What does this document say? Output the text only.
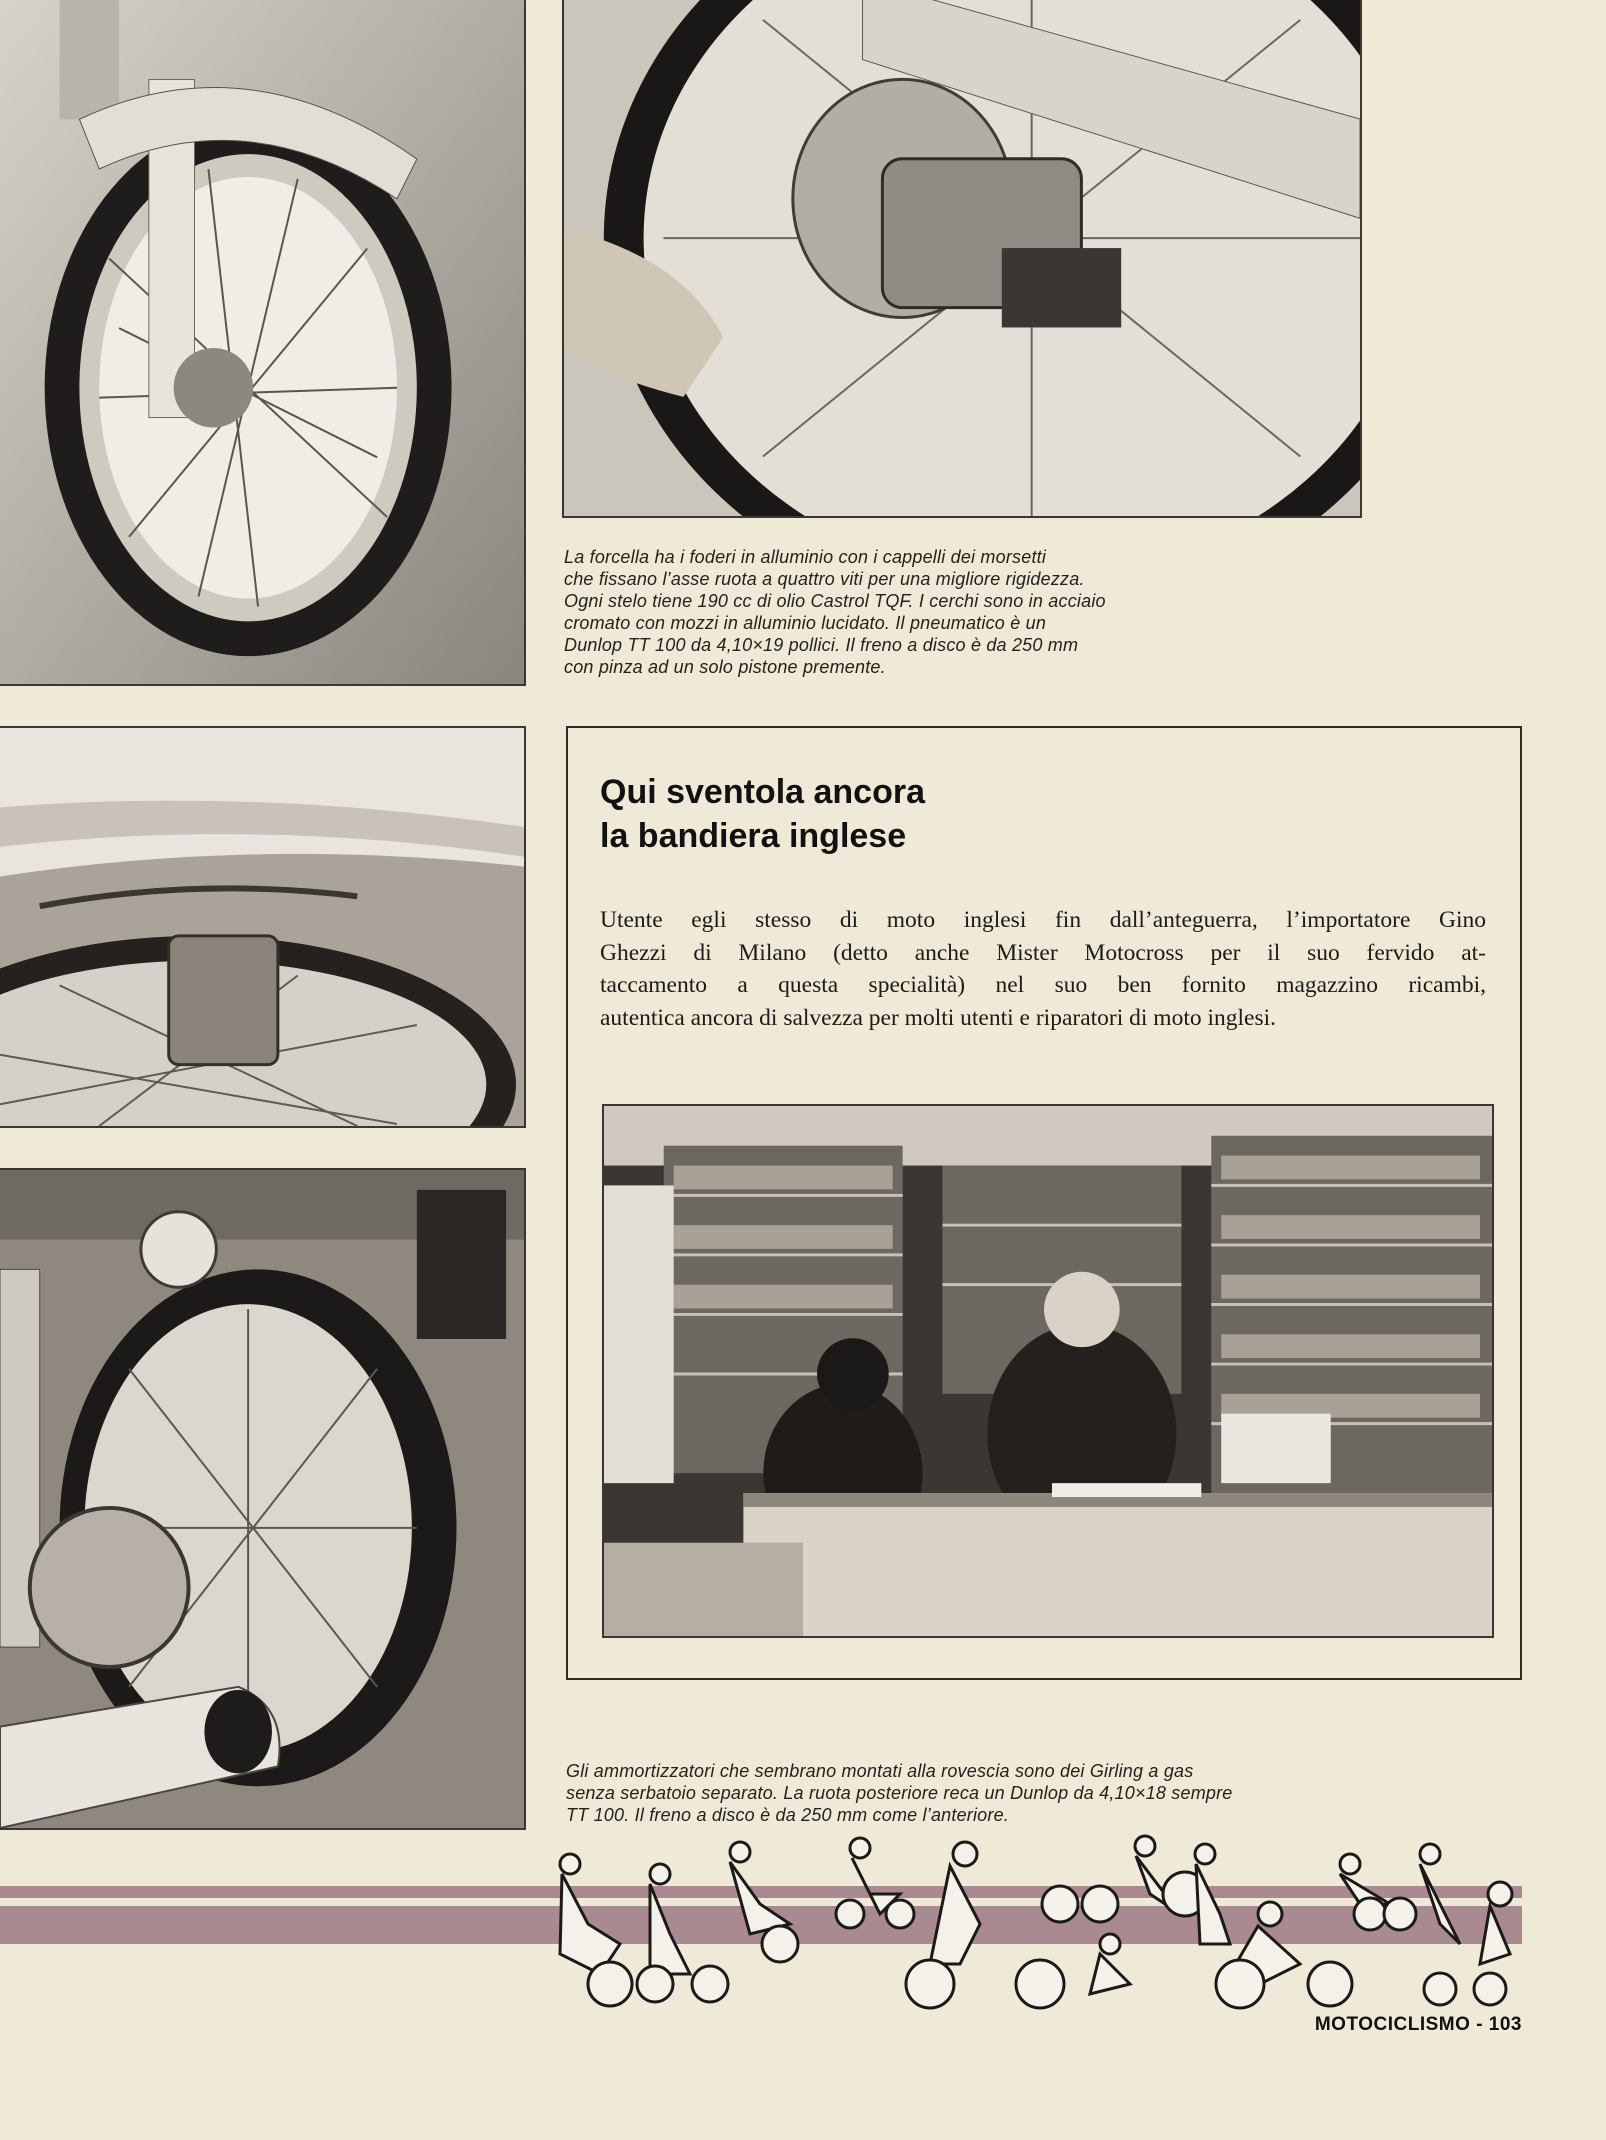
La forcella ha i foderi in alluminio con i cappelli dei morsetti
che fissano l’asse ruota a quattro viti per una migliore rigidezza.
Ogni stelo tiene 190 cc di olio Castrol TQF. I cerchi sono in acciaio
cromato con mozzi in alluminio lucidato. Il pneumatico è un
Dunlop TT 100 da 4,10×19 pollici. Il freno a disco è da 250 mm
con pinza ad un solo pistone premente.
Qui sventola ancora
la bandiera inglese
Utente egli stesso di moto inglesi fin dall’anteguerra, l’importatore Gino
Ghezzi di Milano (detto anche Mister Motocross per il suo fervido at-
taccamento a questa specialità) nel suo ben fornito magazzino ricambi,
autentica ancora di salvezza per molti utenti e riparatori di moto inglesi.
Gli ammortizzatori che sembrano montati alla rovescia sono dei Girling a gas
senza serbatoio separato. La ruota posteriore reca un Dunlop da 4,10×18 sempre
TT 100. Il freno a disco è da 250 mm come l’anteriore.
MOTOCICLISMO - 103
